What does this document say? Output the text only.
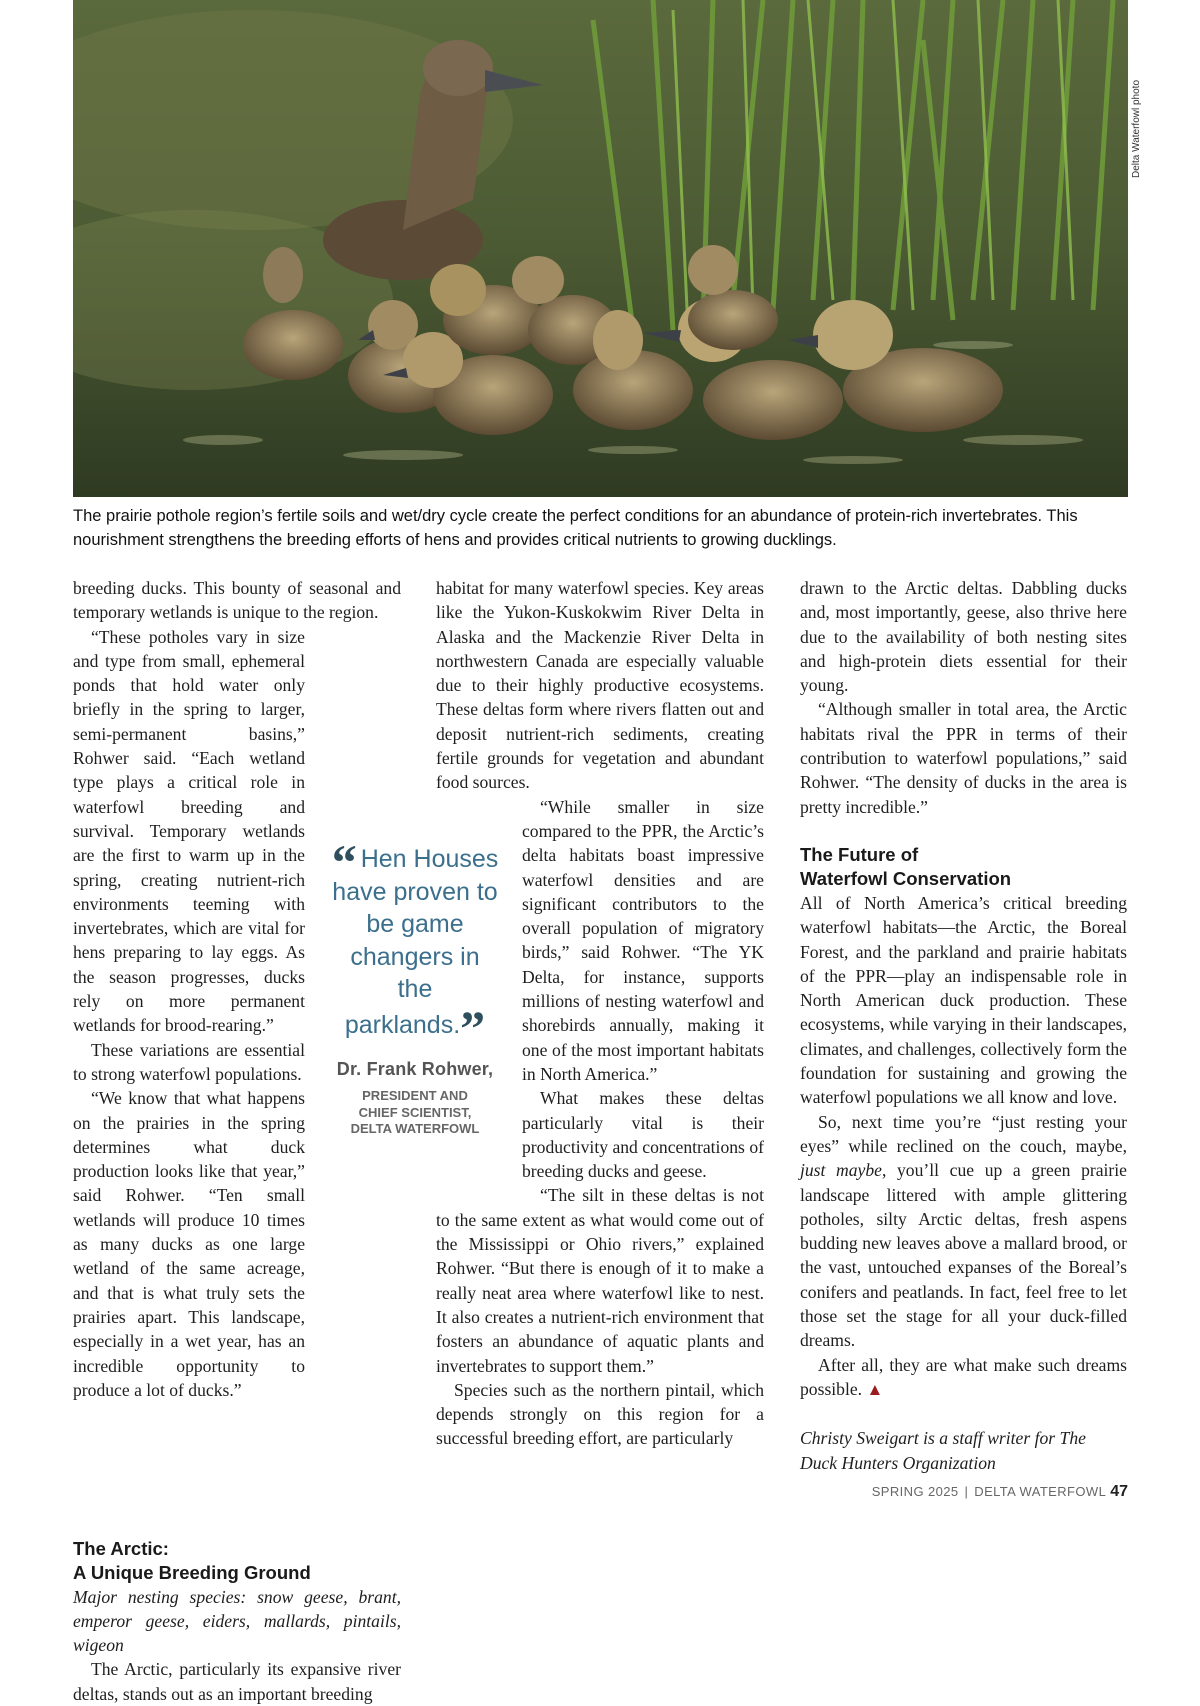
Delta Waterfowl photo

The prairie pothole region’s fertile soils and wet/dry cycle create the perfect conditions for an abundance of protein-rich invertebrates. This nourishment strengthens the breeding efforts of hens and provides critical nutrients to growing ducklings.

breeding ducks. This bounty of seasonal and temporary wetlands is unique to the region.

“These potholes vary in size and type from small, ephemeral ponds that hold water only briefly in the spring to larger, semi-permanent basins,” Rohwer said. “Each wetland type plays a critical role in waterfowl breeding and survival. Temporary wetlands are the first to warm up in the spring, creating nutrient-rich environments teeming with invertebrates, which are vital for hens preparing to lay eggs. As the season progresses, ducks rely on more permanent wetlands for brood-rearing.”

These variations are essential to strong waterfowl populations.

“We know that what happens on the prairies in the spring determines what duck production looks like that year,” said Rohwer. “Ten small wetlands will produce 10 times as many ducks as one large wetland of the same acreage, and that is what truly sets the prairies apart. This landscape, especially in a wet year, has an incredible opportunity to produce a lot of ducks.”

The Arctic:
A Unique Breeding Ground

Major nesting species: snow geese, brant, emperor geese, eiders, mallards, pintails, wigeon

The Arctic, particularly its expansive river deltas, stands out as an important breeding

habitat for many waterfowl species. Key areas like the Yukon-Kuskokwim River Delta in Alaska and the Mackenzie River Delta in northwestern Canada are especially valuable due to their highly productive ecosystems. These deltas form where rivers flatten out and deposit nutrient-rich sediments, creating fertile grounds for vegetation and abundant food sources.

“While smaller in size compared to the PPR, the Arctic’s delta habitats boast impressive waterfowl densities and are significant contributors to the overall population of migratory birds,” said Rohwer. “The YK Delta, for instance, supports millions of nesting waterfowl and shorebirds annually, making it one of the most important habitats in North America.”

What makes these deltas particularly vital is their productivity and concentrations of breeding ducks and geese.

“The silt in these deltas is not to the same extent as what would come out of the Mississippi or Ohio rivers,” explained Rohwer. “But there is enough of it to make a really neat area where waterfowl like to nest. It also creates a nutrient-rich environment that fosters an abundance of aquatic plants and invertebrates to support them.”

Species such as the northern pintail, which depends strongly on this region for a successful breeding effort, are particularly

drawn to the Arctic deltas. Dabbling ducks and, most importantly, geese, also thrive here due to the availability of both nesting sites and high-protein diets essential for their young.

“Although smaller in total area, the Arctic habitats rival the PPR in terms of their contribution to waterfowl populations,” said Rohwer. “The density of ducks in the area is pretty incredible.”

The Future of
Waterfowl Conservation

All of North America’s critical breeding waterfowl habitats—the Arctic, the Boreal Forest, and the parkland and prairie habitats of the PPR—play an indispensable role in North American duck production. These ecosystems, while varying in their landscapes, climates, and challenges, collectively form the foundation for sustaining and growing the waterfowl populations we all know and love.

So, next time you’re “just resting your eyes” while reclined on the couch, maybe, just maybe, you’ll cue up a green prairie landscape littered with ample glittering potholes, silty Arctic deltas, fresh aspens budding new leaves above a mallard brood, or the vast, untouched expanses of the Boreal’s conifers and peatlands. In fact, feel free to let those set the stage for all your duck-filled dreams.

After all, they are what make such dreams possible. ▲

Christy Sweigart is a staff writer for The Duck Hunters Organization

“ Hen Houses have proven to be game changers in the parklands.”
Dr. Frank Rohwer,
PRESIDENT AND
CHIEF SCIENTIST,
DELTA WATERFOWL
SPRING 2025 | DELTA WATERFOWL 47
